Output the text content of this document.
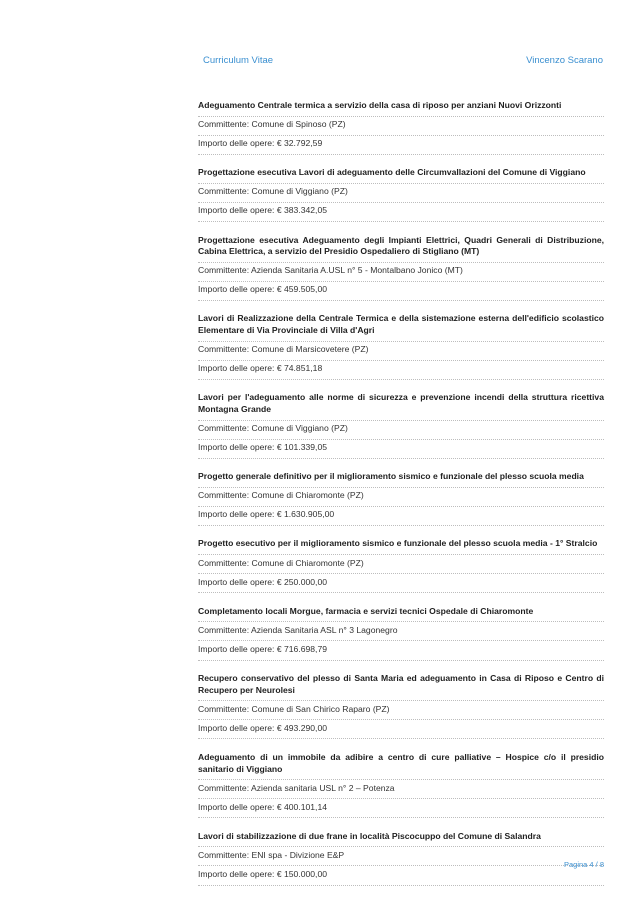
Curriculum Vitae	Vincenzo Scarano
Adeguamento Centrale termica a servizio della casa di riposo per anziani Nuovi Orizzonti
Committente: Comune di Spinoso (PZ)
Importo delle opere: € 32.792,59
Progettazione esecutiva Lavori di adeguamento delle Circumvallazioni del Comune di Viggiano
Committente: Comune di Viggiano (PZ)
Importo delle opere: € 383.342,05
Progettazione esecutiva Adeguamento degli Impianti Elettrici, Quadri Generali di Distribuzione, Cabina Elettrica, a servizio del Presidio Ospedaliero di Stigliano (MT)
Committente: Azienda Sanitaria A.USL n° 5 - Montalbano Jonico (MT)
Importo delle opere: € 459.505,00
Lavori di Realizzazione della Centrale Termica e della sistemazione esterna dell'edificio scolastico Elementare di Via Provinciale di Villa d'Agri
Committente: Comune di Marsicovetere (PZ)
Importo delle opere: € 74.851,18
Lavori per l'adeguamento alle norme di sicurezza e prevenzione incendi della struttura ricettiva Montagna Grande
Committente: Comune di Viggiano (PZ)
Importo delle opere: € 101.339,05
Progetto generale definitivo per il miglioramento sismico e funzionale del plesso scuola media
Committente: Comune di Chiaromonte (PZ)
Importo delle opere: € 1.630.905,00
Progetto esecutivo per il miglioramento sismico e funzionale del plesso scuola media - 1° Stralcio
Committente: Comune di Chiaromonte (PZ)
Importo delle opere: € 250.000,00
Completamento locali Morgue, farmacia e servizi tecnici Ospedale di Chiaromonte
Committente: Azienda Sanitaria ASL n° 3 Lagonegro
Importo delle opere: € 716.698,79
Recupero conservativo del plesso di Santa Maria ed adeguamento in Casa di Riposo e Centro di Recupero per Neurolesi
Committente: Comune di San Chirico Raparo (PZ)
Importo delle opere: € 493.290,00
Adeguamento di un immobile da adibire a centro di cure palliative – Hospice c/o il presidio sanitario di Viggiano
Committente: Azienda sanitaria USL n° 2 – Potenza
Importo delle opere: € 400.101,14
Lavori di stabilizzazione di due frane in località Piscocuppo del Comune di Salandra
Committente: ENI spa - Divizione E&P
Importo delle opere: € 150.000,00
Pagina 4 / 8
